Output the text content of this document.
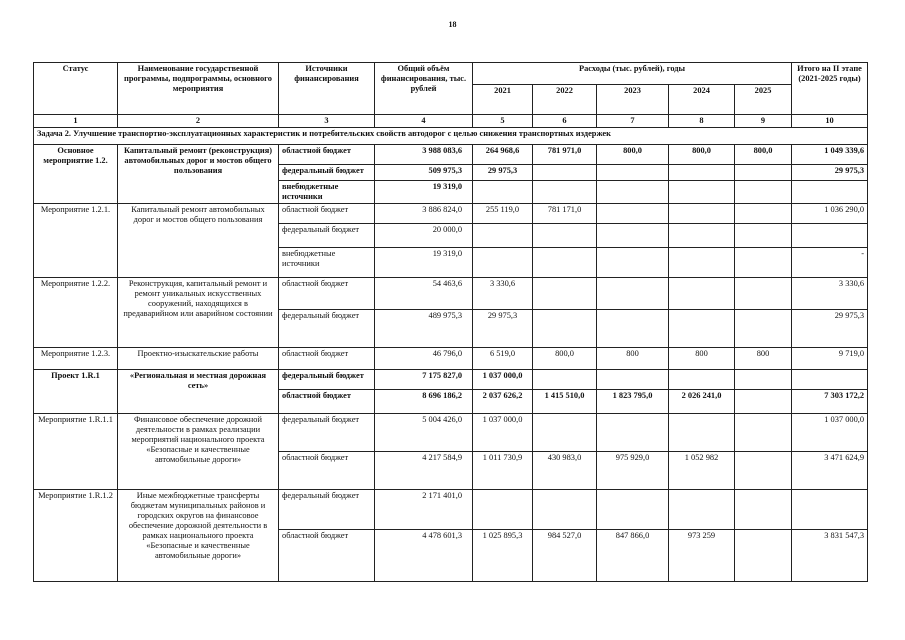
18
Статус	Наименование государственной программы, подпрограммы, основного мероприятия	Источники финансирования	Общий объём финансирования, тыс. рублей	Расходы (тыс. рублей), годы					Итого на II этапе (2021-2025 годы)
				2021	2022	2023	2024	2025	
1	2	3	4	5	6	7	8	9	10
Задача 2. Улучшение транспортно-эксплуатационных характеристик и потребительских свойств автодорог с целью снижения транспортных издержек									
Основное мероприятие 1.2.	Капитальный ремонт (реконструкция) автомобильных дорог и мостов общего пользования	областной бюджет	3 988 083,6	264 968,6	781 971,0	800,0	800,0	800,0	1 049 339,6
		федеральный бюджет	509 975,3	29 975,3					29 975,3
		внебюджетные источники	19 319,0						
Мероприятие 1.2.1.	Капитальный ремонт автомобильных дорог и мостов общего пользования	областной бюджет	3 886 824,0	255 119,0	781 171,0				1 036 290,0
		федеральный бюджет	20 000,0						
		внебюджетные источники	19 319,0						-
Мероприятие 1.2.2.	Реконструкция, капитальный ремонт и ремонт уникальных искусственных сооружений, находящихся в предаварийном или аварийном состоянии	областной бюджет	54 463,6	3 330,6					3 330,6
		федеральный бюджет	489 975,3	29 975,3					29 975,3
Мероприятие 1.2.3.	Проектно-изыскательские работы	областной бюджет	46 796,0	6 519,0	800,0	800	800	800	9 719,0
Проект 1.R.1	«Региональная и местная дорожная сеть»	федеральный бюджет	7 175 827,0	1 037 000,0					
		областной бюджет	8 696 186,2	2 037 626,2	1 415 510,0	1 823 795,0	2 026 241,0		7 303 172,2
Мероприятие 1.R.1.1	Финансовое обеспечение дорожной деятельности в рамках реализации мероприятий национального проекта «Безопасные и качественные автомобильные дороги»	федеральный бюджет	5 004 426,0	1 037 000,0					1 037 000,0
		областной бюджет	4 217 584,9	1 011 730,9	430 983,0	975 929,0	1 052 982		3 471 624,9
Мероприятие 1.R.1.2	Иные межбюджетные трансферты бюджетам муниципальных районов и городских округов на финансовое обеспечение дорожной деятельности в рамках национального проекта «Безопасные и качественные автомобильные дороги»	федеральный бюджет	2 171 401,0						
		областной бюджет	4 478 601,3	1 025 895,3	984 527,0	847 866,0	973 259		3 831 547,3
